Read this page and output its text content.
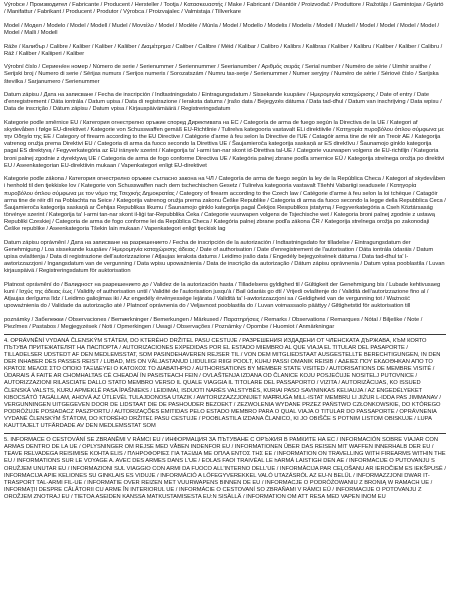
Výrobce / Производител / Fabricante / Producent / Hersteller / Tootja / Κατασκευαστής / Make / Fabricant / Déantóir / Proizvođač / Produttore / Ražotājs / Gamintojas / Gyártó / Manifattur / Fabrikant / Producent / Produtor / Výrobca / Proizvajalec / Valmistaja / Tillverkare

Model / Модел / Modelo / Model / Modell / Mudel / Μοντέλο / Model / Modèle / Múnla / Model / Modello / Modelis / Modelis / Modell / Mudell / Model / Model / Model / Model / Model / Malli / Modell

Ráže / Калибър / Calibre / Kaliber / Kaliber / Kaliiber / Διαμέτρημα / Caliber / Calibre / Méid / Kalibar / Calibro / Kalibrs / Kalibras / Kaliber / Kalibru / Kaliber / Kaliber / Calibru / Ráž / Kaliber / Kaliiperi / Kaliber

Výrobní číslo / Сериен/ен номер / Número de serie / Serienummer / Seriennummer / Seerianumber / Αριθμός σειράς / Serial number / Numéro de série / Uimhir sraithe / Serijski broj / Numero di serie / Sērijas numurs / Serijos numeris / Sorozatszám / Numru tas-serje / Serienummer / Numer seryjny / Numéro de série / Sériové číslo / Sarijska številka / Sarjanumero / Serienummer

Datum zápisu / Дата на записване / Fecha de inscripción / Indtastningsdato / Eintragungsdatum / Sissekande kuupäev / Ημερομηνία καταχώρισης / Date of entry / Date d'enregistrement / Dáta iontrála / Datum upisa / Data di registrazione / Ieraksta datums / Įrašo data / Bejegyzés dátuma / Data tad-dħul / Datum van inschrijving / Data wpisu / Data de inscrição / Dátum zápisu / Datum vpisa / Kirjauspäivämäärä / Registreringsdatum

Kategorie podle směrnice EU / Категория огнестрелно оръжие според Директивата на ЕС / Categoría de arma de fuego según la Directiva de la UE / Kategori af skydevåben i følge EU-direktivet / Kategorie von Schusswaffen gemäß EU-Richtlinie / Tulirelva kategooria vastavalt ELi direktiivile / Κατηγορία πυροβόλου όπλου σύμφωνα με την Οδηγία της ΕΕ / Category of firearm according to the EU Directive / Catégorie d'arme à feu selon la Directive de l'UE / Catagóir arma tine de réir an Treoir AE / Kategorija vatrenog oružja prema Direktivi EU / Categoria di arma da fuoco secondo la Direttiva UE / Šaujamieroča kategorija saskaņā ar ES direktīvu / Šaunamojo ginklo kategorija pagal ES direktyvą / Fegyverkategória az EU irányelv szerint / Kategorija ta' l-armi tan-nar skont id-Direttiva tal-UE / Categorie vuurwapen volgens de EU-richtlijn / Kategoria broni palnej zgodnie z dyrektywą UE / Categoria de arma de fogo conforme Directiva UE / Kategória palnej zbrane podľa smernice EÚ / Kategorija strelnega orožja po direktivi EU / Aseenkategorian EU-direktiivin mukaan / Vapenkategori enligt EU-direktivet

Kategorie podle zákona / Категория огнестрелно оръжие съгласно закона на ЧЛ / Categoría de arma de fuego según la ley de la República Checa / Kategori af skydevåben i henhold til den tjekkiske lov / Kategorie von Schusswaffen nach dem tschechischen Gesetz / Tulirelva kategooria vastavalt Tšehhi Vabariigi seadusele / Κατηγορία πυροβόλου όπλου σύμφωνα με τον νόμο της Τσεχικής Δημοκρατίας / Category of firearm according to the Czech law / Catégorie d'arme à feu selon la loi tchèque / Catagóir arma tine de réir dlí na Poblachta na Seice / Kategorija vatrenog oružja prema zakonu Češke Republike / Categoria di arma da fuoco secondo la legge della Repubblica Ceca / Šaujamieroča kategorija saskaņā ar Čehijas Republikas likumu / Šaunamojo ginklo kategorija pagal Čekijos Respublikos įstatymą / Fegyverkategória a Cseh Köztársaság törvénye szerint / Kategorija ta' l-armi tan-nar skont il-liġi tar-Repubblika Ċeka / Categorie vuurwapen volgens de Tsjechische wet / Kategoria broni palnej zgodnie z ustawą Republiki Czeskiej / Categoria de arma de fogo conforme lei da República Checa / Kategória palnej zbrane podľa zákona ČR / Kategorija strelnega orožja po zakonodaji Češke republike / Aseenkategoria Tšekin lain mukaan / Vapenkategori enligt tjeckisk lag

Datum zápisu oprávnění / Дата на записване на разрешението / Fecha de inscripción de la autorización / Indtastningsdato for tilladelse / Eintragungsdatum der Genehmigung / Loa sissekande kuupäev / Ημερομηνία καταχώρισης άδειας / Date of authorisation / Date d'enregistrement de l'autorisation / Dáta iontrála údaráis / Datum upisa ovlaštenja / Data di registrazione dell'autorizzazione / Atļaujas ieraksta datums / Leidimo įrašo data / Engedély bejegyzésének dátuma / Data tad-dħul ta' l-awtorizzazzjoni / Ingangsdatum van de vergunning / Data wpisu upoważnienia / Data de inscrição da autorização / Dátum zápisu oprávnenia / Datum vpisa pooblastila / Luvan kirjauspäivä / Registreringsdatum för auktorisation

Platnost oprávnění do / Валидност на разрешението до / Validez de la autorización hasta / Tilladelsens gyldighed til / Gültigkeit der Genehmigung bis / Lubade kehtivusaeg kuni / Ισχύς της άδειας έως / Validity of authorisation until / Validité de l'autorisation jusqu'à / Bail údaráis go dtí / Vrijedi ovlaštenje do / Validità dell'autorizzazione fino al / Atļaujas derīgums līdz / Leidimo galiojimas iki / Az engedély érvényessége lejárata / Validità ta' l-awtorizzazzjoni sa / Geldigheid van de vergunning tot / Ważność upoważnienia do / Validade da autorização até / Platnosť oprávnenia do / Veljavnost pooblastila do / Luvan voimassaolo päättyy / Giltighetstid för auktorisation till

poznámky / Забележки / Observaciones / Bemærkninger / Bemerkungen / Märkused / Παρατηρήσεις / Remarks / Observations / Remarques / Nótaí / Bilješke / Note / Piezīmes / Pastabos / Megjegyzések / Noti / Opmerkingen / Uwagi / Observações / Poznámky / Opombe / Huomiot / Anmärkningar

4. OPRÁVNĚNÍ VYDANÁ ČLENSKÝM STÁTEM, DO KTERÉHO DRŽITEL PASU CESTUJE / РАЗРЕШЕНИЯ ИЗДАДЕНИ ОТ ЧЛЕНСКАТА ДЪРЖАВА, КЪМ КОЯТО ПЪТУВА ПРИТЕЖАТЕЛЯТ НА ПАСПОРТА / AUTORIZACIONES EXPEDIDAS POR EL ESTADO MIEMBRO AL QUE VIAJA EL TITULAR DEL PASAPORTE / TILLADELSER UDSTEDT AF DEN MEDLEMSSTAT, SOM PASINDEHAVEREN REJSER TIL / VON DEM MITGLIEDSTAAT AUSGESTELLTE BERECHTIGUNGEN, IN DEN DER INHABER DES PASSES REIST / LUBAD, MIS ON VÄLJASTANUD LIIDULIIGI RIIGI POOLT, KUHU PASSI OMANIK REISIB / ΑΔΕΙΕΣ ΠΟΥ ΕΚΔΟΘΗΚΑΝ ΑΠΟ ΤΟ ΚΡΑΤΟΣ ΜΕΛΟΣ ΣΤΟ ΟΠΟΙΟ ΤΑΞΙΔΕΥΕΙ Ο ΚΑΤΟΧΟΣ ΤΟ ΔΙΑΒΑΤΗΡΙΟ / AUTHORISATIONS BY MEMBER STATE VISITED / AUTORISATIONS DE MEMBRE VISITÉ / ÚDARAIS Á FAITE AR CHOMHALTAS CÉ CHEADAÍ ÍN PASISTEACH FEIN / OVLAŠTENJA IZDANA OD ČLANICE KOJU POSJEĆUJE NOSITELJ PUTOVNICE / AUTORIZZAZIONI RILASCIATE DALLO STATO MEMBRO VERSO IL QUALE VIAGGIA IL TITOLARE DEL PASSAPORTO / VIZITA / AUTORIZĀCIJAS, KO ISSUED ČLENSKÁ VALSTS, KURU APMEKLĒ PASA ĪPAŠNIEKS / LEIDIMAI, ISDUOTI NARĖS VALSTYBĖS, KURIAI PASO SAVININKAS KELIAUJA / AZ ENGEDÉLYEKET KIBOCSÁTÓ TAGÁLLAM, AHOVÁ AZ ÚTLEVÉL TULAJDONOSA UTAZIK / AWTORIZZAZZJONIJIET MAĦRUĠA MILL-ISTAT MEMBRU LI JIŻUR L-IDDA PAS JIMMANAV / VERGUNNINGEN UITGEGEVEN DOOR DE LIDSTAAT DIE DE PASHOUDER BEZOEKT / ZEZWOLENIA WYDANE PRZEZ PAŃSTWO CZŁONKOWSKIE, DO KTÓREGO PODRÓŻUJE POSIADACZ PASZPORTU / AUTORIZAÇÕES EMITIDAS PELO ESTADO MEMBRO PARA O QUAL VIAJA O TITULAR DO PASSAPORTE / OPRÁVNENIA VYDANÉ ČLENSKÝM ŠTÁTOM, DO KTORÉHO DRŽITEĽ PASU CESTUJE / POOBLASTILA IZDANA ČLANICO, KI JO OBIŠČE S POTNIM LISTOM OBISKUJE / LUPA KAUTTAJELT UTFÄRDADE AV DEN MEDLEMSSTAT SOM

5. INFORMACE O CESTOVÁNÍ SE ZBRANĚMI V RÁMCI EU / ИНФОРМАЦИЯ ЗА ПЪТУВАНЕ С ОРЪЖИЯ В РАМКИТЕ НА ЕС / INFORMACIÓN SOBRE VIAJAR CON ARMAS DENTRO DE LA UE / OPLYSNINGER OM REJSE MED VÅBEN INDENFOR EU / INFORMATIONEN ÜBER DAS REISEN MIT WAFFEN INNERHALB DER EU / TEAVE RELVADEGA REISIMISE KOHTA ELIS / ΠΛΗΡΟΦΟΡΙΕΣ ΓΙΑ ΤΑΞΙΔΙΑ ΜΕ ΟΠΛΑ ΕΝΤΟΣ ΤΗΣ ΕΕ / INFORMATION ON TRAVELLING WITH FIREARMS WITHIN THE EU / INFORMATIONS SUR LE VOYAGE A. AVEC DES ARMES DANS L'UE / EOLAS FAOI TRAIVÉAL LE hARMÁ LAISTIGH DEN AE / INFORMACIJE O PUTOVANJU S ORUŽJEM UNUTAR EU / INFORMAZIONI SUL VIAGGIO CON ARMI DA FUOCO ALL'INTERNO DELL'UE / INFORMĀCIJA PAR CEĻOŠANU AR IEROČIEM ES IEKŠPUSĒ / INFORMACIJA APIE KELIONES SU GINKLAIS ES VIDUJE / INFORMÁCIÓ A LŐFEGYVEREKKEL VALÓ UTAZÁSRÓL AZ EU-N BELÜL / INFORMAZZJONI DWAR IT-TRASPORT TAL-ARMI FIL-UE / INFORMATIE OVER REIZEN MET VUURWAPENS BINNEN DE EU / INFORMACJE O PODRÓŻOWANIU Z BRONIĄ W RAMACH UE / INFORMAŢII DESPRE CĂLĂTORII CU ARME ÎN INTERIORUL UE / INFORMÁCIE O CESTOVANÍ SO ZBRAŇAMI V RÁMCI EÚ / INFORMACIJE O POTOVANJU Z OROŽJEM ZNOTRAJ EU / TIETOA ASEIDEN KANSSA MATKUSTAMISESTA EU:N SISÄLLÄ / INFORMATION OM ATT RESA MED VAPEN INOM EU
